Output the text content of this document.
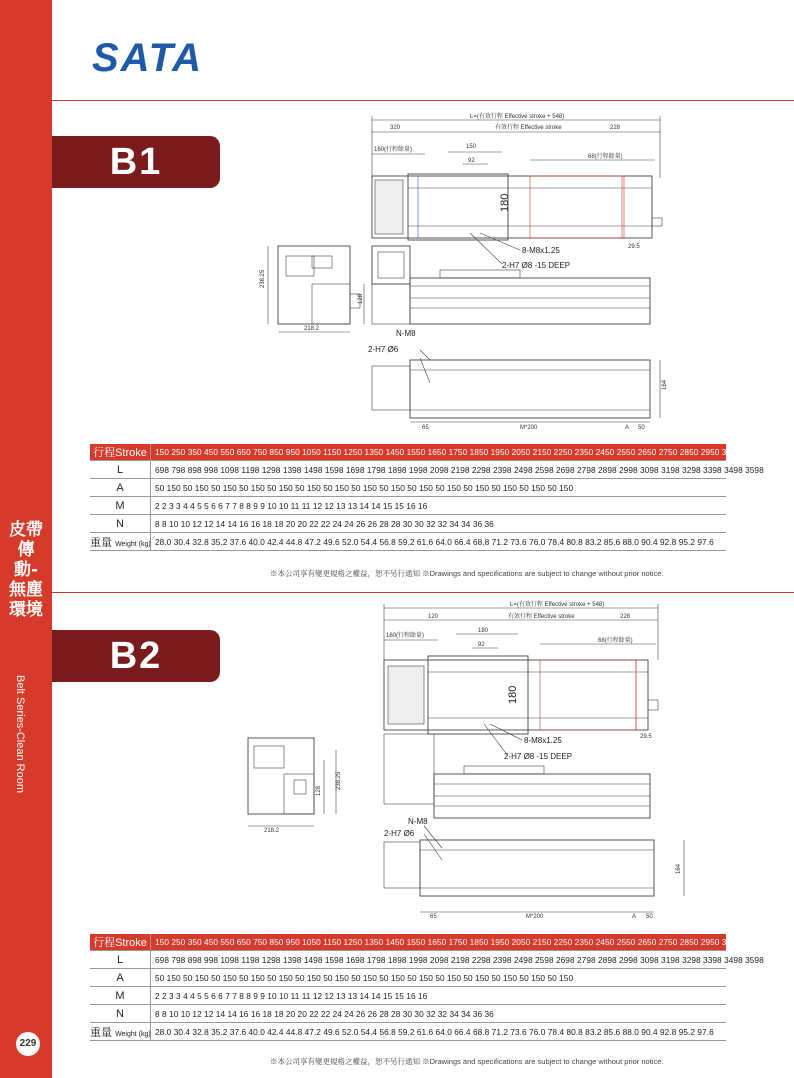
皮帶傳動-無塵環境
Belt Series-Clean Room
229
SATA
B1
L=(有效行程 Effective stroke + 548)
320	有效行程 Effective stroke	228
160(行程餘量)	150
92
68(行程餘量)
180
8-M8x1.25
2-H7 Ø8 -15 DEEP
29.5
238.25
128
218.2	N-M8
2-H7 Ø6
65	M*200	A 50
164
行程Stroke	150 250 350 450 550 650 750 850 950 1050 1150 1250 1350 1450 1550 1650 1750 1850 1950 2050 2150 2250 2350 2450 2550 2650 2750 2850 2950 3050
L	698 798 898 998 1098 1198 1298 1398 1498 1598 1698 1798 1898 1998 2098 2198 2298 2398 2498 2598 2698 2798 2898 2998 3098 3198 3298 3398 3498 3598
A	50 150 50 150 50 150 50 150 50 150 50 150 50 150 50 150 50 150 50 150 50 150 50 150 50 150 50 150 50 150
M	2 2 3 3 4 4 5 5 6 6 7 7 8 8 9 9 10 10 11 11 12 12 13 13 14 14 15 15 16 16
N	8 8 10 10 12 12 14 14 16 16 18 18 20 20 22 22 24 24 26 26 28 28 30 30 32 32 34 34 36 36
重量 Weight (kg)	28.0 30.4 32.8 35.2 37.6 40.0 42.4 44.8 47.2 49.6 52.0 54.4 56.8 59.2 61.6 64.0 66.4 68.8 71.2 73.6 76.0 78.4 80.8 83.2 85.6 88.0 90.4 92.8 95.2 97.6
※本公司享有變更規格之權益，恕不另行通知 ※Drawings and specifications are subject to change without prior notice.
B2
L=(有效行程 Effective stroke + 548)
120	有效行程 Effective stroke	228
160(行程餘量)
180
92
68(行程餘量)
180
8-M8x1.25
2-H7 Ø8 -15 DEEP
29.5
238.25
128
218.2
N-M8
2-H7 Ø6
65	M*200	A 50
164
行程Stroke	150 250 350 450 550 650 750 850 950 1050 1150 1250 1350 1450 1550 1650 1750 1850 1950 2050 2150 2250 2350 2450 2550 2650 2750 2850 2950 3050
L	698 798 898 998 1098 1198 1298 1398 1498 1598 1698 1798 1898 1998 2098 2198 2298 2398 2498 2598 2698 2798 2898 2998 3098 3198 3298 3398 3498 3598
A	50 150 50 150 50 150 50 150 50 150 50 150 50 150 50 150 50 150 50 150 50 150 50 150 50 150 50 150 50 150
M	2 2 3 3 4 4 5 5 6 6 7 7 8 8 9 9 10 10 11 11 12 12 13 13 14 14 15 15 16 16
N	8 8 10 10 12 12 14 14 16 16 18 18 20 20 22 22 24 24 26 26 28 28 30 30 32 32 34 34 36 36
重量 Weight (kg)	28.0 30.4 32.8 35.2 37.6 40.0 42.4 44.8 47.2 49.6 52.0 54.4 56.8 59.2 61.6 64.0 66.4 68.8 71.2 73.6 76.0 78.4 80.8 83.2 85.6 88.0 90.4 92.8 95.2 97.6
※本公司享有變更規格之權益，恕不另行通知 ※Drawings and specifications are subject to change without prior notice.
